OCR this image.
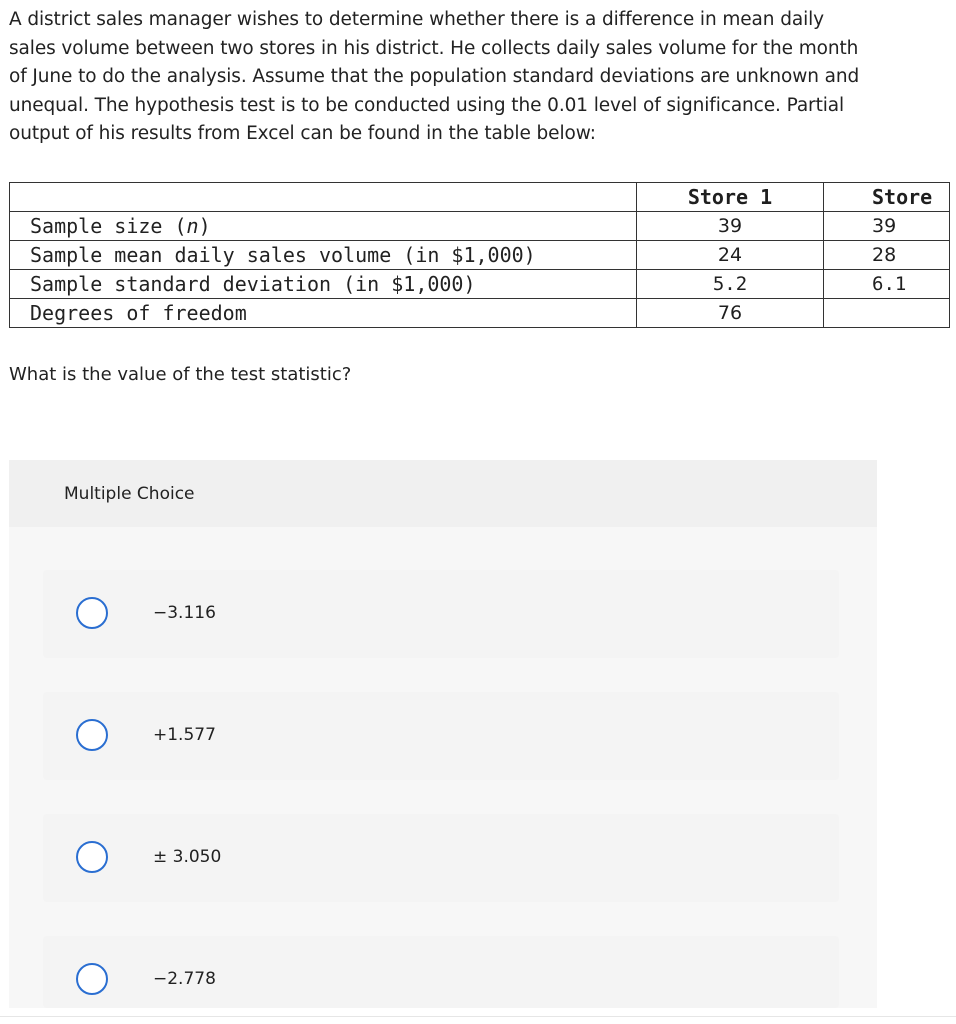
A district sales manager wishes to determine whether there is a difference in mean daily
sales volume between two stores in his district. He collects daily sales volume for the month
of June to do the analysis. Assume that the population standard deviations are unknown and
unequal. The hypothesis test is to be conducted using the 0.01 level of significance. Partial
output of his results from Excel can be found in the table below:
	Store 1	Store
Sample size (n)	39	39
Sample mean daily sales volume (in $1,000)	24	28
Sample standard deviation (in $1,000)	5.2	6.1
Degrees of freedom	76	
What is the value of the test statistic?
Multiple Choice
−3.116
+1.577
± 3.050
−2.778
